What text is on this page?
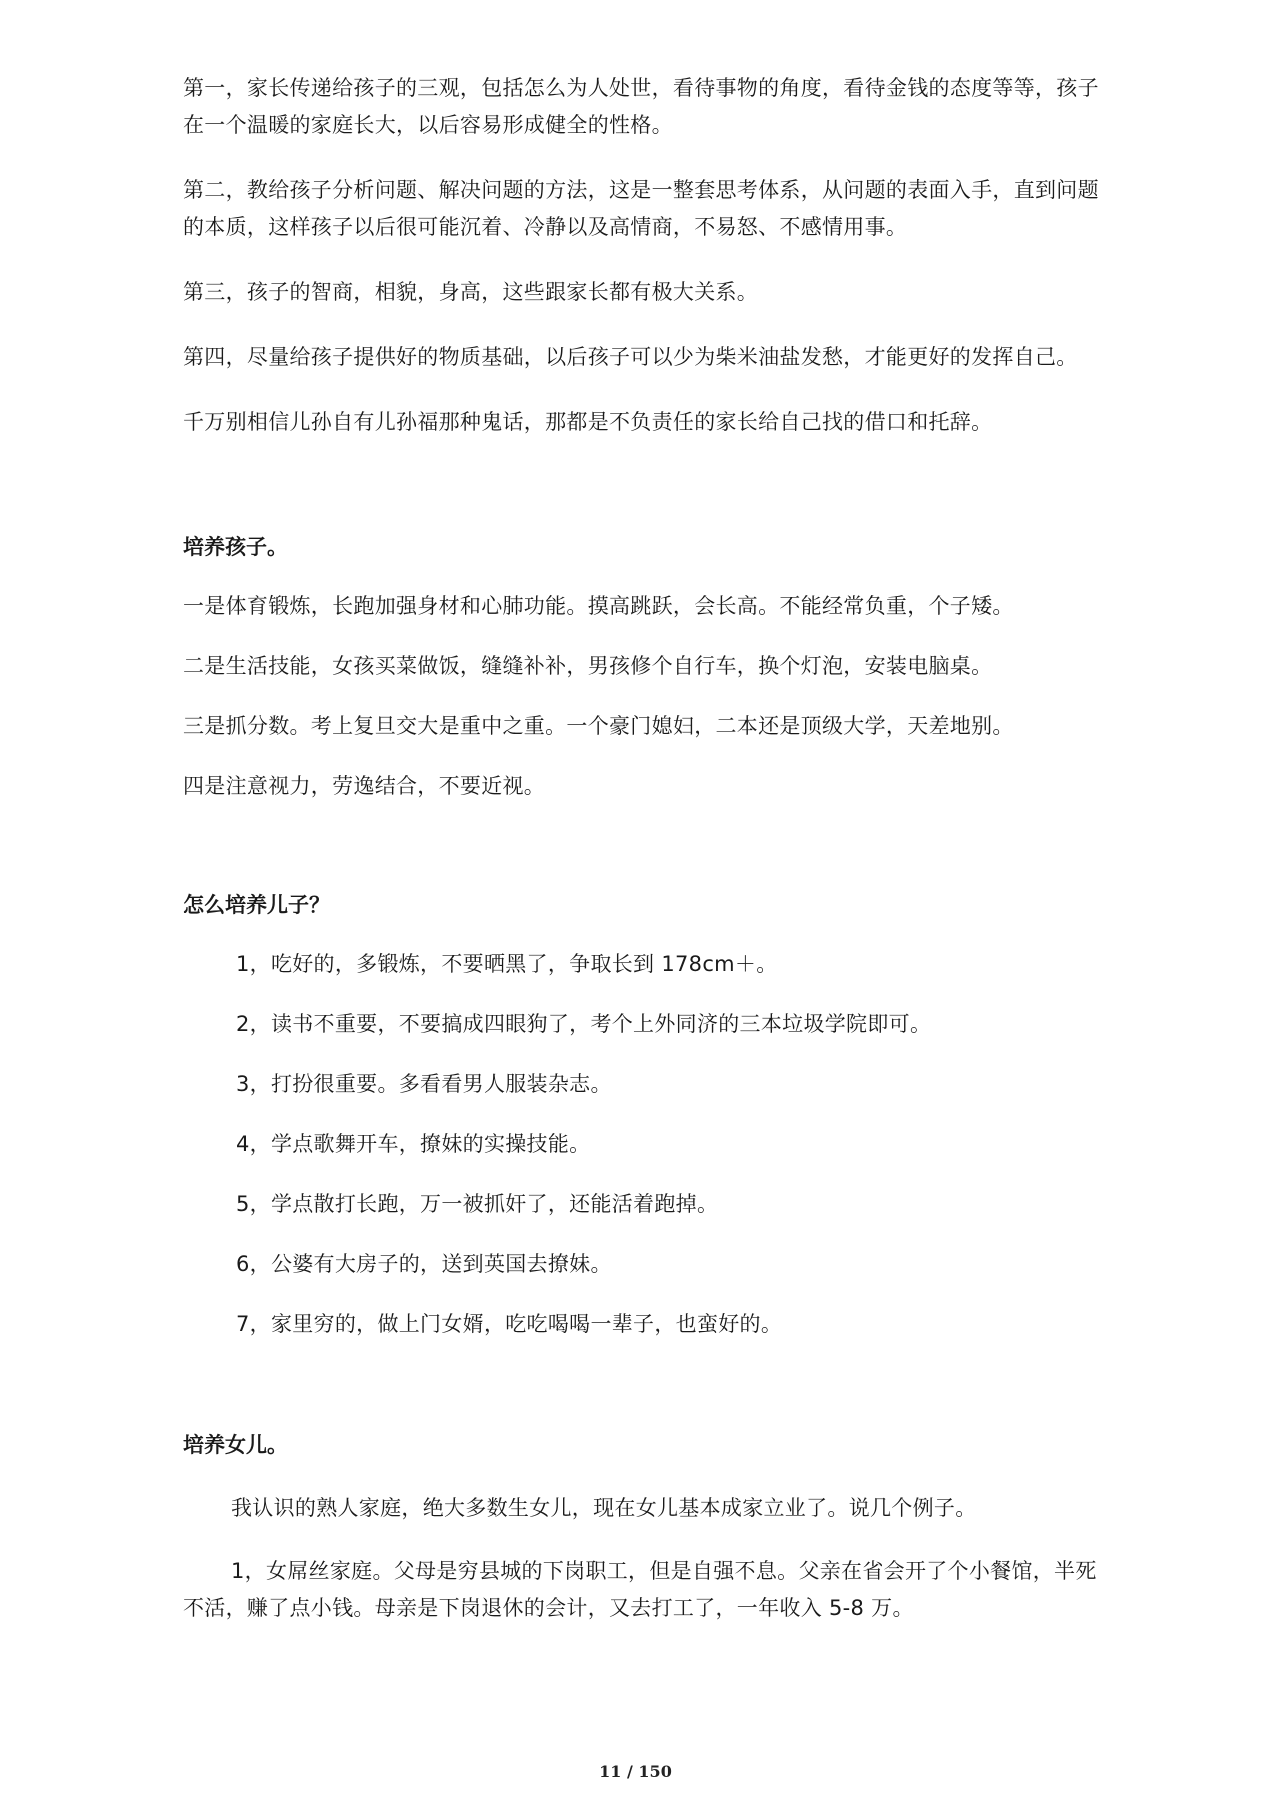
第一，家长传递给孩子的三观，包括怎么为人处世，看待事物的角度，看待金钱的态度等等，孩子在一个温暖的家庭长大，以后容易形成健全的性格。

第二，教给孩子分析问题、解决问题的方法，这是一整套思考体系，从问题的表面入手，直到问题的本质，这样孩子以后很可能沉着、冷静以及高情商，不易怒、不感情用事。

第三，孩子的智商，相貌，身高，这些跟家长都有极大关系。

第四，尽量给孩子提供好的物质基础，以后孩子可以少为柴米油盐发愁，才能更好的发挥自己。

千万别相信儿孙自有儿孙福那种鬼话，那都是不负责任的家长给自己找的借口和托辞。

培养孩子。

一是体育锻炼，长跑加强身材和心肺功能。摸高跳跃，会长高。不能经常负重，个子矮。

二是生活技能，女孩买菜做饭，缝缝补补，男孩修个自行车，换个灯泡，安装电脑桌。

三是抓分数。考上复旦交大是重中之重。一个豪门媳妇，二本还是顶级大学，天差地别。

四是注意视力，劳逸结合，不要近视。

怎么培养儿子？

1，吃好的，多锻炼，不要晒黑了，争取长到 178cm＋。

2，读书不重要，不要搞成四眼狗了，考个上外同济的三本垃圾学院即可。

3，打扮很重要。多看看男人服装杂志。

4，学点歌舞开车，撩妹的实操技能。

5，学点散打长跑，万一被抓奸了，还能活着跑掉。

6，公婆有大房子的，送到英国去撩妹。

7，家里穷的，做上门女婿，吃吃喝喝一辈子，也蛮好的。

培养女儿。

我认识的熟人家庭，绝大多数生女儿，现在女儿基本成家立业了。说几个例子。

1，女屌丝家庭。父母是穷县城的下岗职工，但是自强不息。父亲在省会开了个小餐馆，半死不活，赚了点小钱。母亲是下岗退休的会计，又去打工了，一年收入 5-8 万。

11 / 150
